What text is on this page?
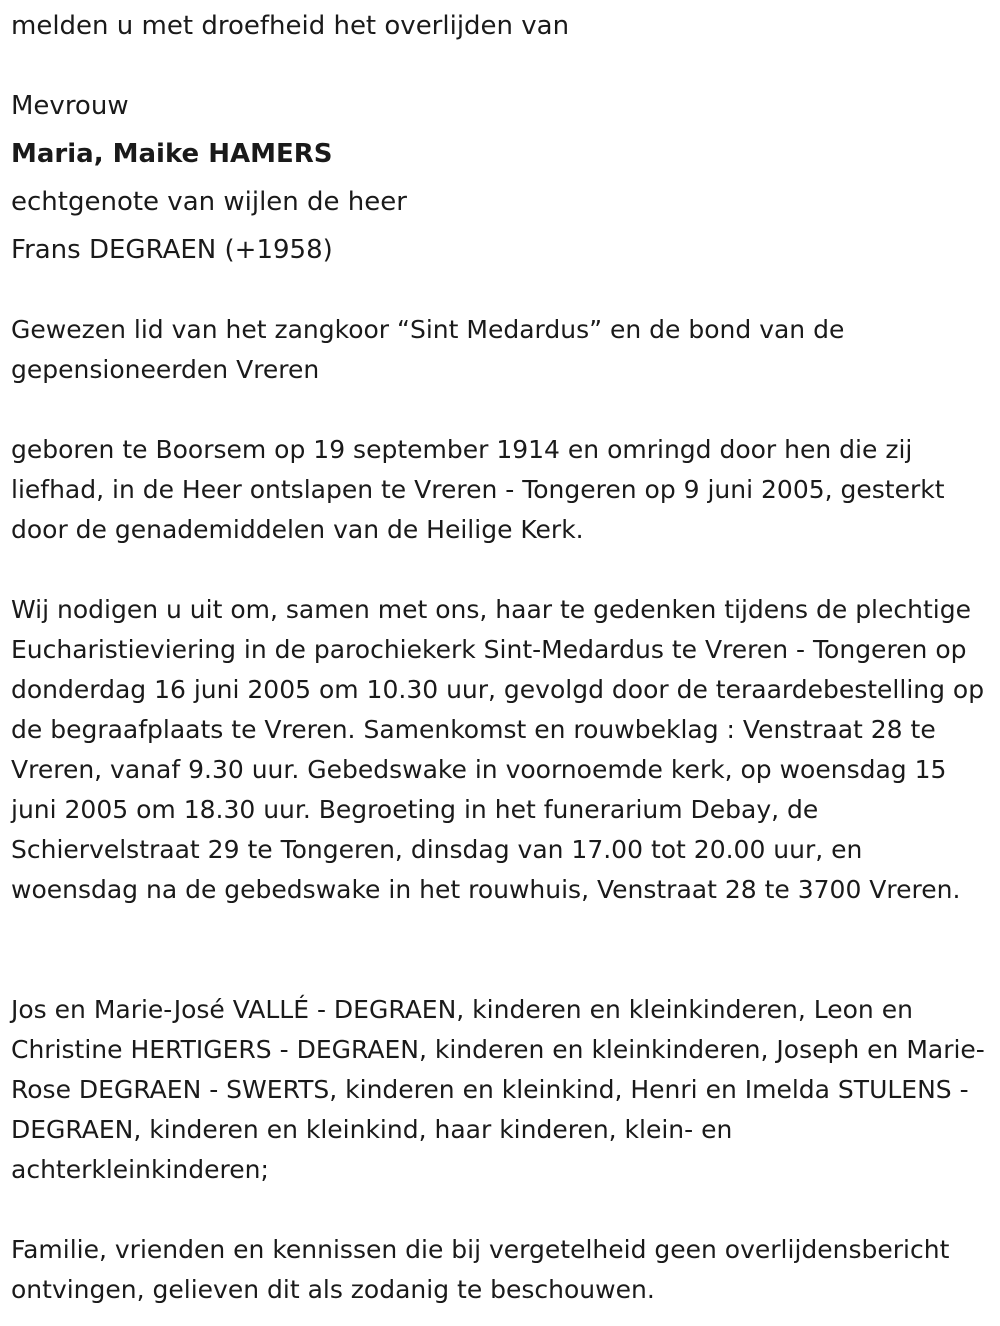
melden u met droefheid het overlijden van

Mevrouw

Maria, Maike HAMERS

echtgenote van wijlen de heer

Frans DEGRAEN (+1958)

Gewezen lid van het zangkoor “Sint Medardus” en de bond van de gepensioneerden Vreren

geboren te Boorsem op 19 september 1914 en omringd door hen die zij liefhad, in de Heer ontslapen te Vreren - Tongeren op 9 juni 2005, gesterkt door de genademiddelen van de Heilige Kerk.

Wij nodigen u uit om, samen met ons, haar te gedenken tijdens de plechtige Eucharistieviering in de parochiekerk Sint-Medardus te Vreren - Tongeren op donderdag 16 juni 2005 om 10.30 uur, gevolgd door de teraardebestelling op de begraafplaats te Vreren. Samenkomst en rouwbeklag : Venstraat 28 te Vreren, vanaf 9.30 uur. Gebedswake in voornoemde kerk, op woensdag 15 juni 2005 om 18.30 uur. Begroeting in het funerarium Debay, de Schiervelstraat 29 te Tongeren, dinsdag van 17.00 tot 20.00 uur, en woensdag na de gebedswake in het rouwhuis, Venstraat 28 te 3700 Vreren.

Jos en Marie-José VALLÉ - DEGRAEN, kinderen en kleinkinderen, Leon en Christine HERTIGERS - DEGRAEN, kinderen en kleinkinderen, Joseph en Marie-Rose DEGRAEN - SWERTS, kinderen en kleinkind, Henri en Imelda STULENS - DEGRAEN, kinderen en kleinkind, haar kinderen, klein- en achterkleinkinderen;

Familie, vrienden en kennissen die bij vergetelheid geen overlijdensbericht ontvingen, gelieven dit als zodanig te beschouwen.
